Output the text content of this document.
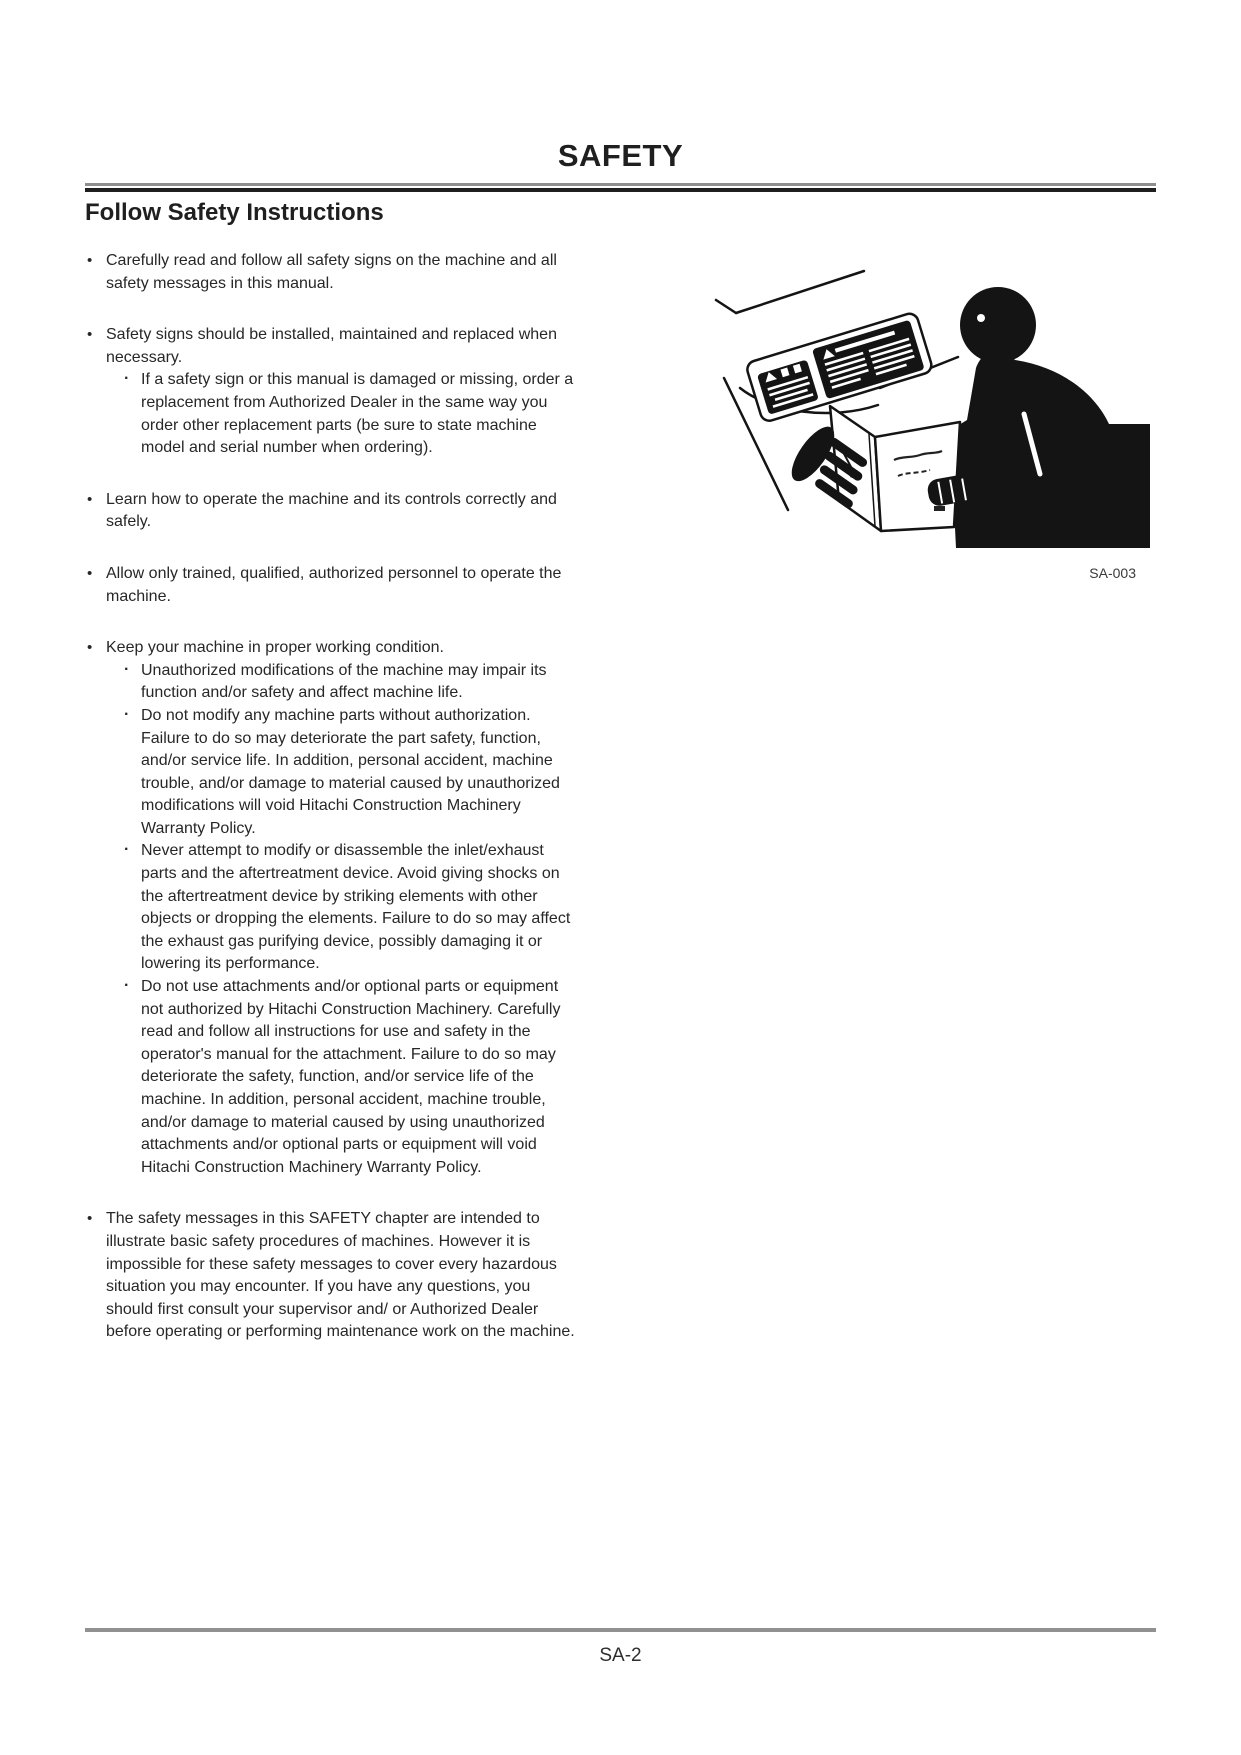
SAFETY
Follow Safety Instructions
• Carefully read and follow all safety signs on the machine and all safety messages in this manual.
• Safety signs should be installed, maintained and replaced when necessary.
· If a safety sign or this manual is damaged or missing, order a replacement from Authorized Dealer in the same way you order other replacement parts (be sure to state machine model and serial number when ordering).
• Learn how to operate the machine and its controls correctly and safely.
• Allow only trained, qualified, authorized personnel to operate the machine.
• Keep your machine in proper working condition.
· Unauthorized modifications of the machine may impair its function and/or safety and affect machine life.
· Do not modify any machine parts without authorization. Failure to do so may deteriorate the part safety, function, and/or service life. In addition, personal accident, machine trouble, and/or damage to material caused by unauthorized modifications will void Hitachi Construction Machinery Warranty Policy.
· Never attempt to modify or disassemble the inlet/exhaust parts and the aftertreatment device. Avoid giving shocks on the aftertreatment device by striking elements with other objects or dropping the elements. Failure to do so may affect the exhaust gas purifying device, possibly damaging it or lowering its performance.
· Do not use attachments and/or optional parts or equipment not authorized by Hitachi Construction Machinery. Carefully read and follow all instructions for use and safety in the operator's manual for the attachment. Failure to do so may deteriorate the safety, function, and/or service life of the machine. In addition, personal accident, machine trouble, and/or damage to material caused by using unauthorized attachments and/or optional parts or equipment will void Hitachi Construction Machinery Warranty Policy.
• The safety messages in this SAFETY chapter are intended to illustrate basic safety procedures of machines. However it is impossible for these safety messages to cover every hazardous situation you may encounter. If you have any questions, you should first consult your supervisor and/ or Authorized Dealer before operating or performing maintenance work on the machine.
SA-003
SA-2
